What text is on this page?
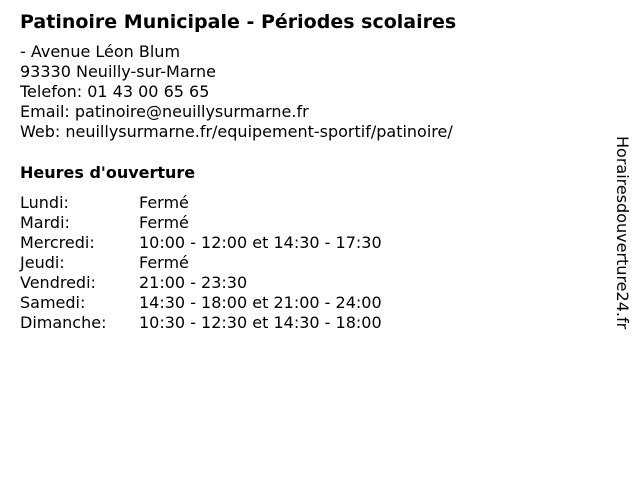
Patinoire Municipale - Périodes scolaires
- Avenue Léon Blum
93330 Neuilly-sur-Marne
Telefon: 01 43 00 65 65
Email: patinoire@neuillysurmarne.fr
Web: neuillysurmarne.fr/equipement-sportif/patinoire/
Heures d'ouverture
Lundi:	Fermé
Mardi:	Fermé
Mercredi:	10:00 - 12:00 et 14:30 - 17:30
Jeudi:	Fermé
Vendredi:	21:00 - 23:30
Samedi:	14:30 - 18:00 et 21:00 - 24:00
Dimanche:	10:30 - 12:30 et 14:30 - 18:00	Horairesdouverture24.fr
